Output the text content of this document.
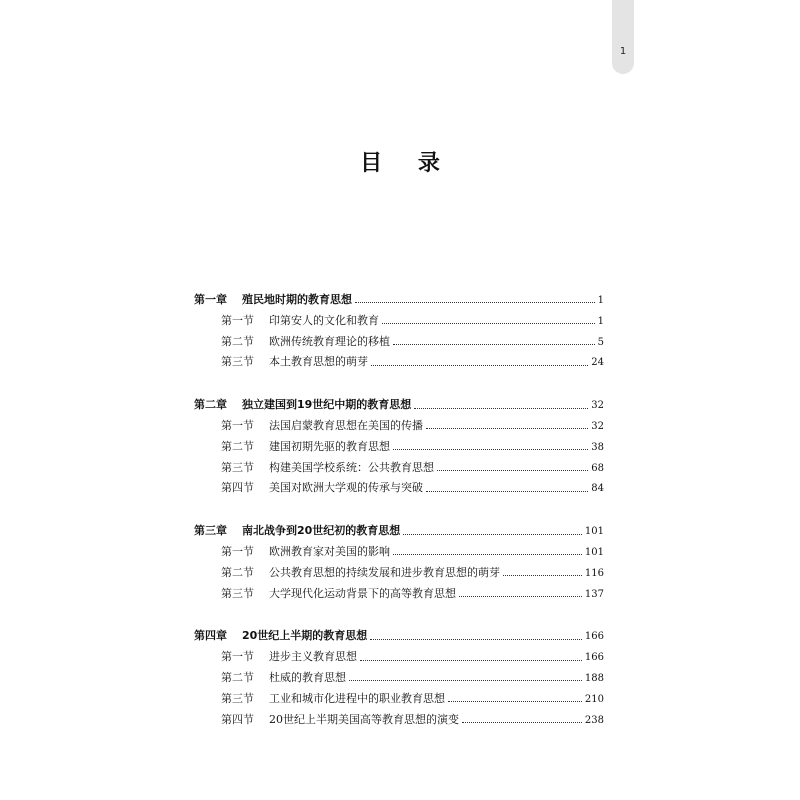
1
目 录
第一章	殖民地时期的教育思想	1
第一节	印第安人的文化和教育	1
第二节	欧洲传统教育理论的移植	5
第三节	本土教育思想的萌芽	24
第二章	独立建国到19世纪中期的教育思想	32
第一节	法国启蒙教育思想在美国的传播	32
第二节	建国初期先驱的教育思想	38
第三节	构建美国学校系统：公共教育思想	68
第四节	美国对欧洲大学观的传承与突破	84
第三章	南北战争到20世纪初的教育思想	101
第一节	欧洲教育家对美国的影响	101
第二节	公共教育思想的持续发展和进步教育思想的萌芽	116
第三节	大学现代化运动背景下的高等教育思想	137
第四章	20世纪上半期的教育思想	166
第一节	进步主义教育思想	166
第二节	杜威的教育思想	188
第三节	工业和城市化进程中的职业教育思想	210
第四节	20世纪上半期美国高等教育思想的演变	238
